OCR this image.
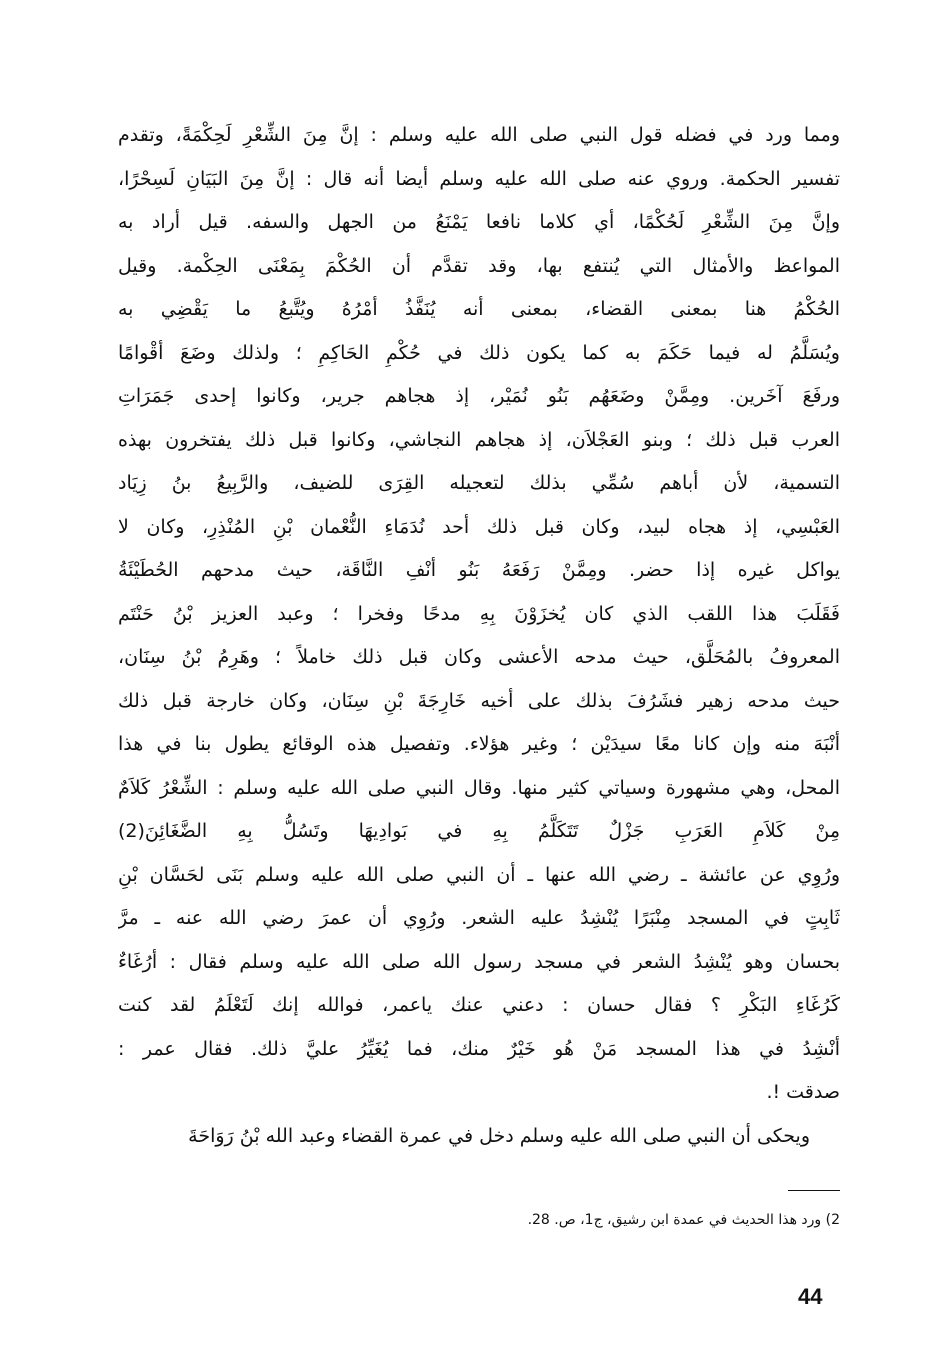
ومما ورد في فضله قول النبي صلى الله عليه وسلم : إنَّ مِنَ الشِّعْرِ لَحِكْمَةً، وتقدم
تفسير الحكمة. وروي عنه صلى الله عليه وسلم أيضا أنه قال : إنَّ مِنَ البَيَانِ لَسِحْرًا،
وإنَّ مِنَ الشِّعْرِ لَحُكْمًا، أي كلاما نافعا يَمْنَعُ من الجهل والسفه. قيل أراد به
المواعظ والأمثال التي يُنتفع بها، وقد تقدَّم أن الحُكْمَ بِمَعْنَى الحِكْمة. وقيل
الحُكْمُ هنا بمعنى القضاء، بمعنى أنه يُنَفَّذُ أمْرُهُ ويُتَّبعُ ما يَقْضِي به
ويُسَلَّمُ له فيما حَكَمَ به كما يكون ذلك في حُكْمِ الحَاكِمِ ؛ ولذلك وضَعَ أقْوامًا
ورفَعَ آخَرين. ومِمَّنْ وضَعَهُم بَنُو نُمَيْر، إذ هجاهم جرير، وكانوا إحدى جَمَرَاتِ
العرب قبل ذلك ؛ وبنو العَجْلاَن، إذ هجاهم النجاشي، وكانوا قبل ذلك يفتخرون بهذه
التسمية، لأن أباهم سُمِّي بذلك لتعجيله القِرَى للضيف، والرَّبِيعُ بنُ زِيَاد
العَبْسِي، إذ هجاه لبيد، وكان قبل ذلك أحد نُدَمَاءِ النُّعْمان بْنِ المُنْذِرِ، وكان لا
يواكل غيره إذا حضر. ومِمَّنْ رَفَعَهُ بَنُو أنْفِ النَّاقَة، حيث مدحهم الحُطَيْئَةُ
فَقَلَبَ هذا اللقب الذي كان يُخزَوْنَ بِهِ مدحًا وفخرا ؛ وعبد العزيز بْنُ حَنْتَم
المعروفُ بالمُحَلَّق، حيث مدحه الأعشى وكان قبل ذلك خاملاً ؛ وهَرِمُ بْنُ سِنَان،
حيث مدحه زهير فشَرُفَ بذلك على أخيه خَارِجَةَ بْنِ سِنَان، وكان خارجة قبل ذلك
أنْبَهَ منه وإن كانا معًا سيدَيْن ؛ وغير هؤلاء. وتفصيل هذه الوقائع يطول بنا في هذا
المحل، وهي مشهورة وسياتي كثير منها. وقال النبي صلى الله عليه وسلم : الشِّعْرُ كَلاَمٌ
مِنْ كَلاَمِ العَرَبِ جَزْلٌ تَتَكَلَّمُ بِهِ في بَوادِيهَا وتَسُلُّ بِهِ الضَّغَائِنَ(2)
ورُوِي عن عائشة ـ رضي الله عنها ـ أن النبي صلى الله عليه وسلم بَنَى لحَسَّان بْنِ
ثَابِتٍ في المسجد مِنْبَرًا يُنْشِدُ عليه الشعر. ورُوِي أن عمرَ رضي الله عنه ـ مرَّ
بحسان وهو يُنْشِدُ الشعر في مسجد رسول الله صلى الله عليه وسلم فقال : أرُغَاءٌ
كَرُغَاءِ البَكْرِ ؟ فقال حسان : دعني عنك ياعمر، فوالله إنك لَتَعْلَمُ لقد كنت
أنْشِدُ في هذا المسجد مَنْ هُو خَيْرٌ منك، فما يُغَيِّرُ عليَّ ذلك. فقال عمر :
صدقت !.
ويحكى أن النبي صلى الله عليه وسلم دخل في عمرة القضاء وعبد الله بْنُ رَوَاحَةَ
2) ورد هذا الحديث في عمدة ابن رشيق، ج1، ص. 28.
44
